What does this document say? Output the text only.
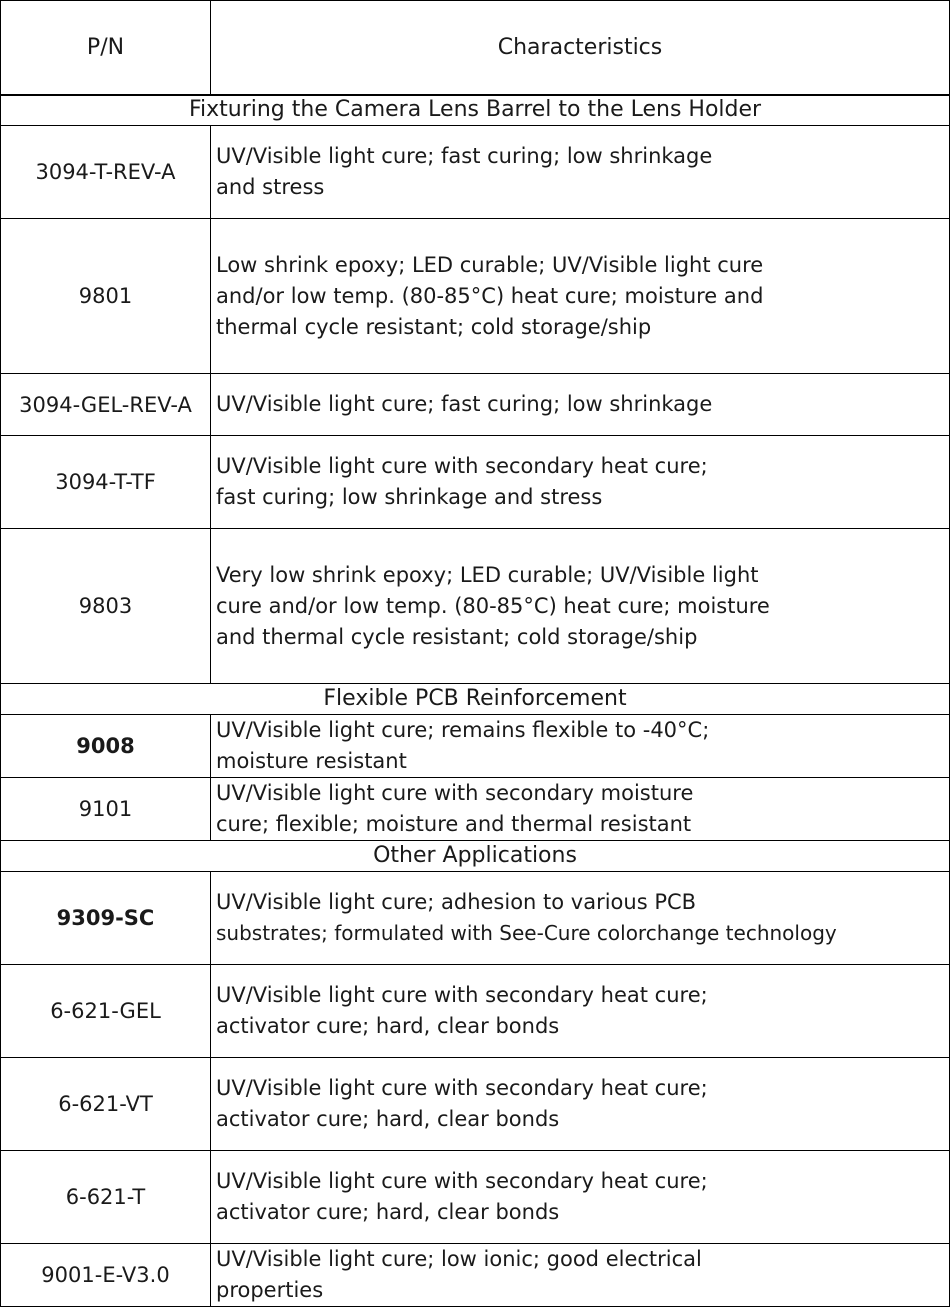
P/N	Characteristics
Fixturing the Camera Lens Barrel to the Lens Holder	
3094-T-REV-A	UV/Visible light cure; fast curing; low shrinkage
and stress

9801	Low shrink epoxy; LED curable; UV/Visible light cure
and/or low temp. (80-85°C) heat cure; moisture and
thermal cycle resistant; cold storage/ship

3094-GEL-REV-A	UV/Visible light cure; fast curing; low shrinkage

3094-T-TF	UV/Visible light cure with secondary heat cure;
fast curing; low shrinkage and stress

9803	Very low shrink epoxy; LED curable; UV/Visible light
cure and/or low temp. (80-85°C) heat cure; moisture
and thermal cycle resistant; cold storage/ship

Flexible PCB Reinforcement	
9008	UV/Visible light cure; remains flexible to -40°C;
moisture resistant

9101	UV/Visible light cure with secondary moisture
cure; flexible; moisture and thermal resistant

Other Applications	
9309-SC	UV/Visible light cure; adhesion to various PCB
substrates; formulated with See-Cure colorchange technology

6-621-GEL	UV/Visible light cure with secondary heat cure;
activator cure; hard, clear bonds

6-621-VT	UV/Visible light cure with secondary heat cure;
activator cure; hard, clear bonds

6-621-T	UV/Visible light cure with secondary heat cure;
activator cure; hard, clear bonds

9001-E-V3.0	UV/Visible light cure; low ionic; good electrical
properties
